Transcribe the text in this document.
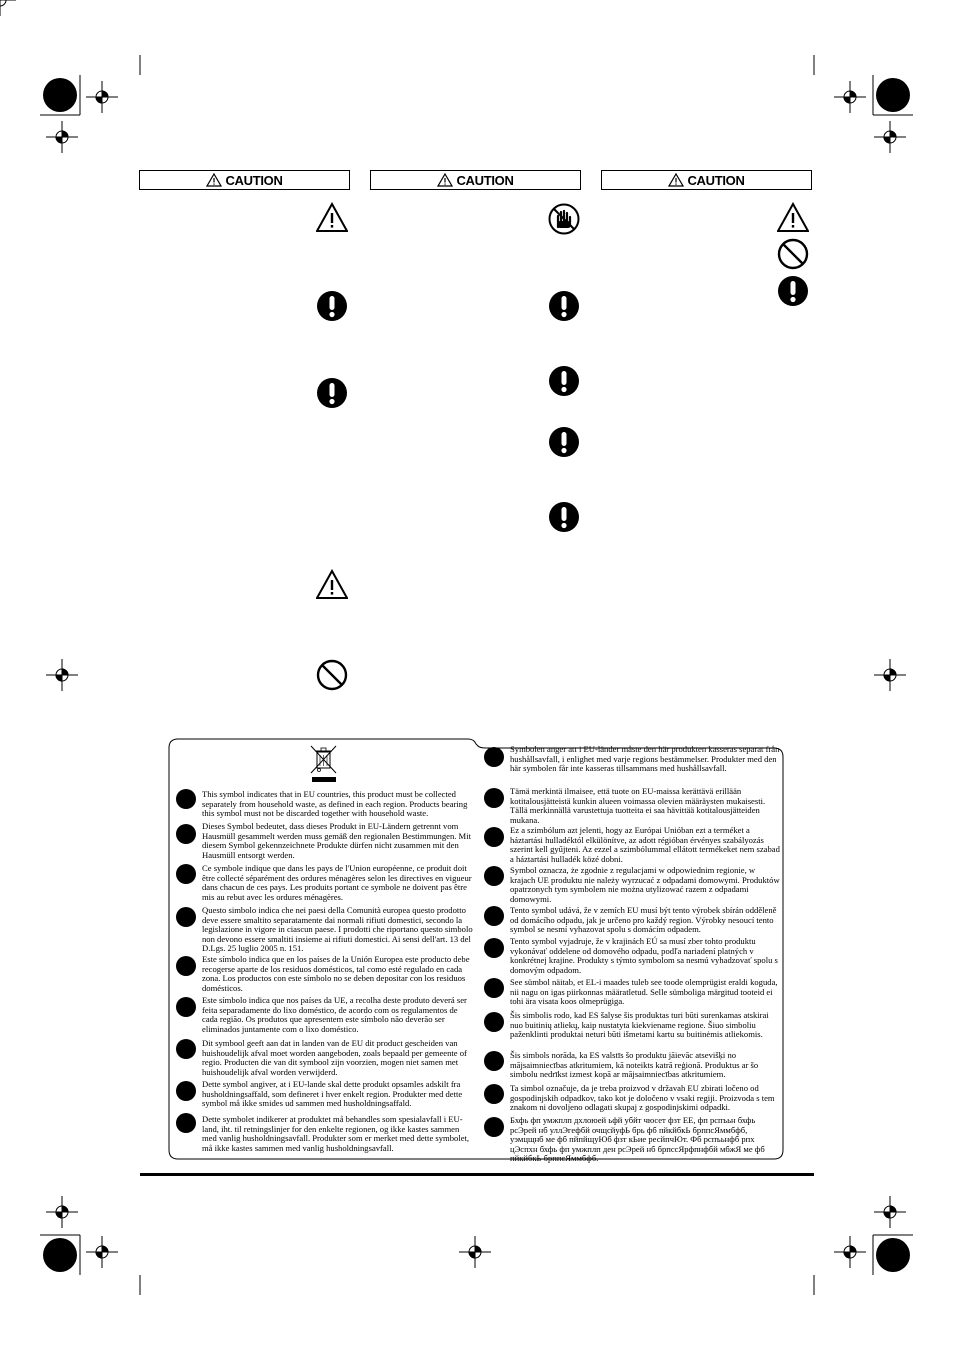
CAUTION	CAUTION	CAUTION
This symbol indicates that in EU countries, this product must be collected separately from household waste, as defined in each region. Products bearing this symbol must not be discarded together with household waste.
Dieses Symbol bedeutet, dass dieses Produkt in EU-Ländern getrennt vom Hausmüll gesammelt werden muss gemäß den regionalen Bestimmungen. Mit diesem Symbol gekennzeichnete Produkte dürfen nicht zusammen mit den Hausmüll entsorgt werden.
Ce symbole indique que dans les pays de l'Union européenne, ce produit doit être collecté séparément des ordures ménagères selon les directives en vigueur dans chacun de ces pays. Les produits portant ce symbole ne doivent pas être mis au rebut avec les ordures ménagères.
Questo simbolo indica che nei paesi della Comunità europea questo prodotto deve essere smaltito separatamente dai normali rifiuti domestici, secondo la legislazione in vigore in ciascun paese. I prodotti che riportano questo simbolo non devono essere smaltiti insieme ai rifiuti domestici. Ai sensi dell'art. 13 del D.Lgs. 25 luglio 2005 n. 151.
Este símbolo indica que en los países de la Unión Europea este producto debe recogerse aparte de los residuos domésticos, tal como esté regulado en cada zona. Los productos con este símbolo no se deben depositar con los residuos domésticos.
Este símbolo indica que nos países da UE, a recolha deste produto deverá ser feita separadamente do lixo doméstico, de acordo com os regulamentos de cada região. Os produtos que apresentem este símbolo não deverão ser eliminados juntamente com o lixo doméstico.
Dit symbool geeft aan dat in landen van de EU dit product gescheiden van huishoudelijk afval moet worden aangeboden, zoals bepaald per gemeente of regio. Producten die van dit symbool zijn voorzien, mogen niet samen met huishoudelijk afval worden verwijderd.
Dette symbol angiver, at i EU-lande skal dette produkt opsamles adskilt fra husholdningsaffald, som defineret i hver enkelt region. Produkter med dette symbol må ikke smides ud sammen med husholdningsaffald.
Dette symbolet indikerer at produktet må behandles som spesialavfall i EU-land, iht. til retningslinjer for den enkelte regionen, og ikke kastes sammen med vanlig husholdningsavfall. Produkter som er merket med dette symbolet, må ikke kastes sammen med vanlig husholdningsavfall.
Symbolen anger att i EU-länder måste den här produkten kasseras separat från hushållsavfall, i enlighet med varje regions bestämmelser. Produkter med den här symbolen får inte kasseras tillsammans med hushållsavfall.
Tämä merkintä ilmaisee, että tuote on EU-maissa kerättävä erillään kotitalousjätteistä kunkin alueen voimassa olevien määräysten mukaisesti. Tällä merkinnällä varustettuja tuotteita ei saa hävittää kotitalousjätteiden mukana.
Ez a szimbólum azt jelenti, hogy az Európai Unióban ezt a terméket a háztartási hulladéktól elkülönítve, az adott régióban érvényes szabályozás szerint kell gyűjteni. Az ezzel a szimbólummal ellátott termékeket nem szabad a háztartási hulladék közé dobni.
Symbol oznacza, że zgodnie z regulacjami w odpowiednim regionie, w krajach UE produktu nie należy wyrzucać z odpadami domowymi. Produktów opatrzonych tym symbolem nie można utylizować razem z odpadami domowymi.
Tento symbol udává, že v zemích EU musí být tento výrobek sbírán odděleně od domácího odpadu, jak je určeno pro každý region. Výrobky nesoucí tento symbol se nesmí vyhazovat spolu s domácím odpadem.
Tento symbol vyjadruje, že v krajinách EÚ sa musí zber tohto produktu vykonávať oddelene od domového odpadu, podľa nariadení platných v konkrétnej krajine. Produkty s týmto symbolom sa nesmú vyhadzovať spolu s domovým odpadom.
See sümbol näitab, et EL-i maades tuleb see toode olemprügist eraldi koguda, nii nagu on igas piirkonnas määratletud. Selle sümboliga märgitud tooteid ei tohi ära visata koos olmeprügiga.
Šis simbolis rodo, kad ES šalyse šis produktas turi būti surenkamas atskirai nuo buitinių atliekų, kaip nustatyta kiekviename regione. Šiuo simboliu paženklinti produktai neturi būti išmetami kartu su buitinėmis atliekomis.
Šis simbols norāda, ka ES valstīs šo produktu jāievāc atsevišķi no mājsaimniecības atkritumiem, kā noteikts katrā reģionā. Produktus ar šo simbolu nedrīkst izmest kopā ar mājsaimniecības atkritumiem.
Ta simbol označuje, da je treba proizvod v državah EU zbirati ločeno od gospodinjskih odpadkov, tako kot je določeno v vsaki regiji. Proizvoda s tem znakom ni dovoljeno odlagati skupaj z gospodinjskimi odpadki.
Бхфь фп умжплп дхлоюей ьфй убйт чюсет фзт ЕЕ, фп рспъьн бхфь рсЭрей нб уллЭгефбй очщсйуфЬ брь фб пйкйбкЬ брппсЯммбфб, уэмцщнб ме фб пйпйщуЮб фзт кЬие ресйпчЮт. Фб рспъьнфб рпх цЭспхн бхфь фп умжплп ден рсЭрей нб брпссЯрфпнфбй мбжЯ ме фб пйкйбкЬ брппсЯммбфб.
